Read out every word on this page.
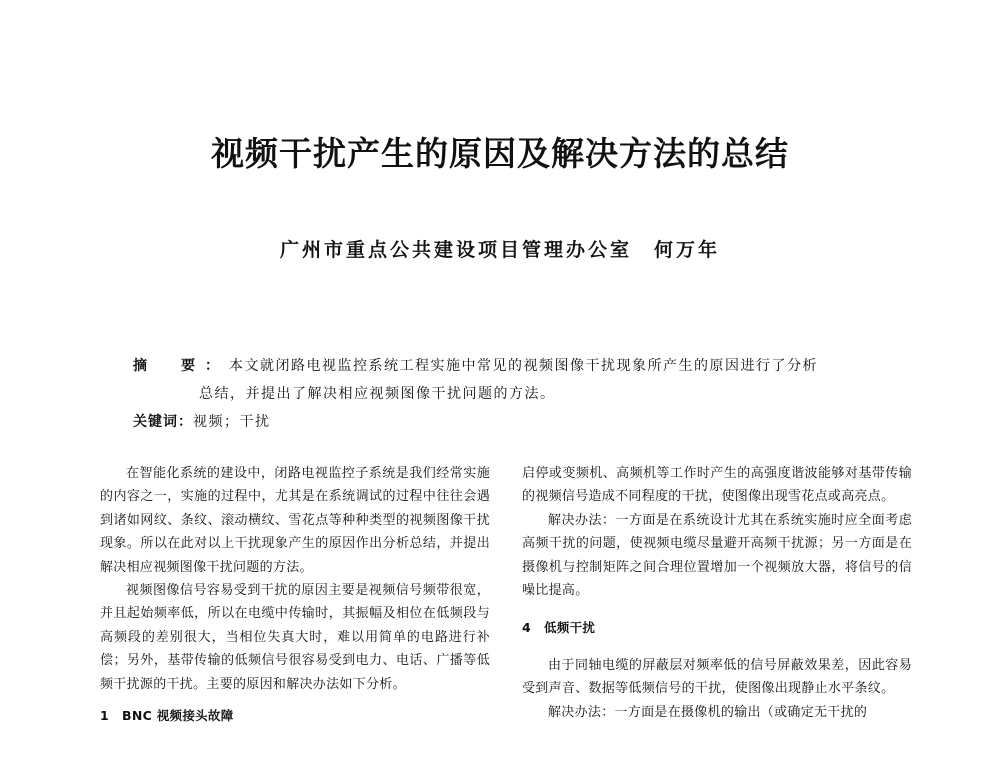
视频干扰产生的原因及解决方法的总结
广州市重点公共建设项目管理办公室 何万年
摘　要： 本文就闭路电视监控系统工程实施中常见的视频图像干扰现象所产生的原因进行了分析
总结，并提出了解决相应视频图像干扰问题的方法。
关键词：视频；干扰

在智能化系统的建设中，闭路电视监控子系统是我们经常实施的内容之一，实施的过程中，尤其是在系统调试的过程中往往会遇到诸如网纹、条纹、滚动横纹、雪花点等种种类型的视频图像干扰现象。所以在此对以上干扰现象产生的原因作出分析总结，并提出解决相应视频图像干扰问题的方法。

视频图像信号容易受到干扰的原因主要是视频信号频带很宽，并且起始频率低，所以在电缆中传输时，其振幅及相位在低频段与高频段的差别很大，当相位失真大时，难以用简单的电路进行补偿；另外，基带传输的低频信号很容易受到电力、电话、广播等低频干扰源的干扰。主要的原因和解决办法如下分析。

1 BNC 视频接头故障

启停或变频机、高频机等工作时产生的高强度谐波能够对基带传输的视频信号造成不同程度的干扰，使图像出现雪花点或高亮点。

解决办法：一方面是在系统设计尤其在系统实施时应全面考虑高频干扰的问题，使视频电缆尽量避开高频干扰源；另一方面是在摄像机与控制矩阵之间合理位置增加一个视频放大器，将信号的信噪比提高。

4 低频干扰

由于同轴电缆的屏蔽层对频率低的信号屏蔽效果差，因此容易受到声音、数据等低频信号的干扰，使图像出现静止水平条纹。

解决办法：一方面是在摄像机的输出（或确定无干扰的
